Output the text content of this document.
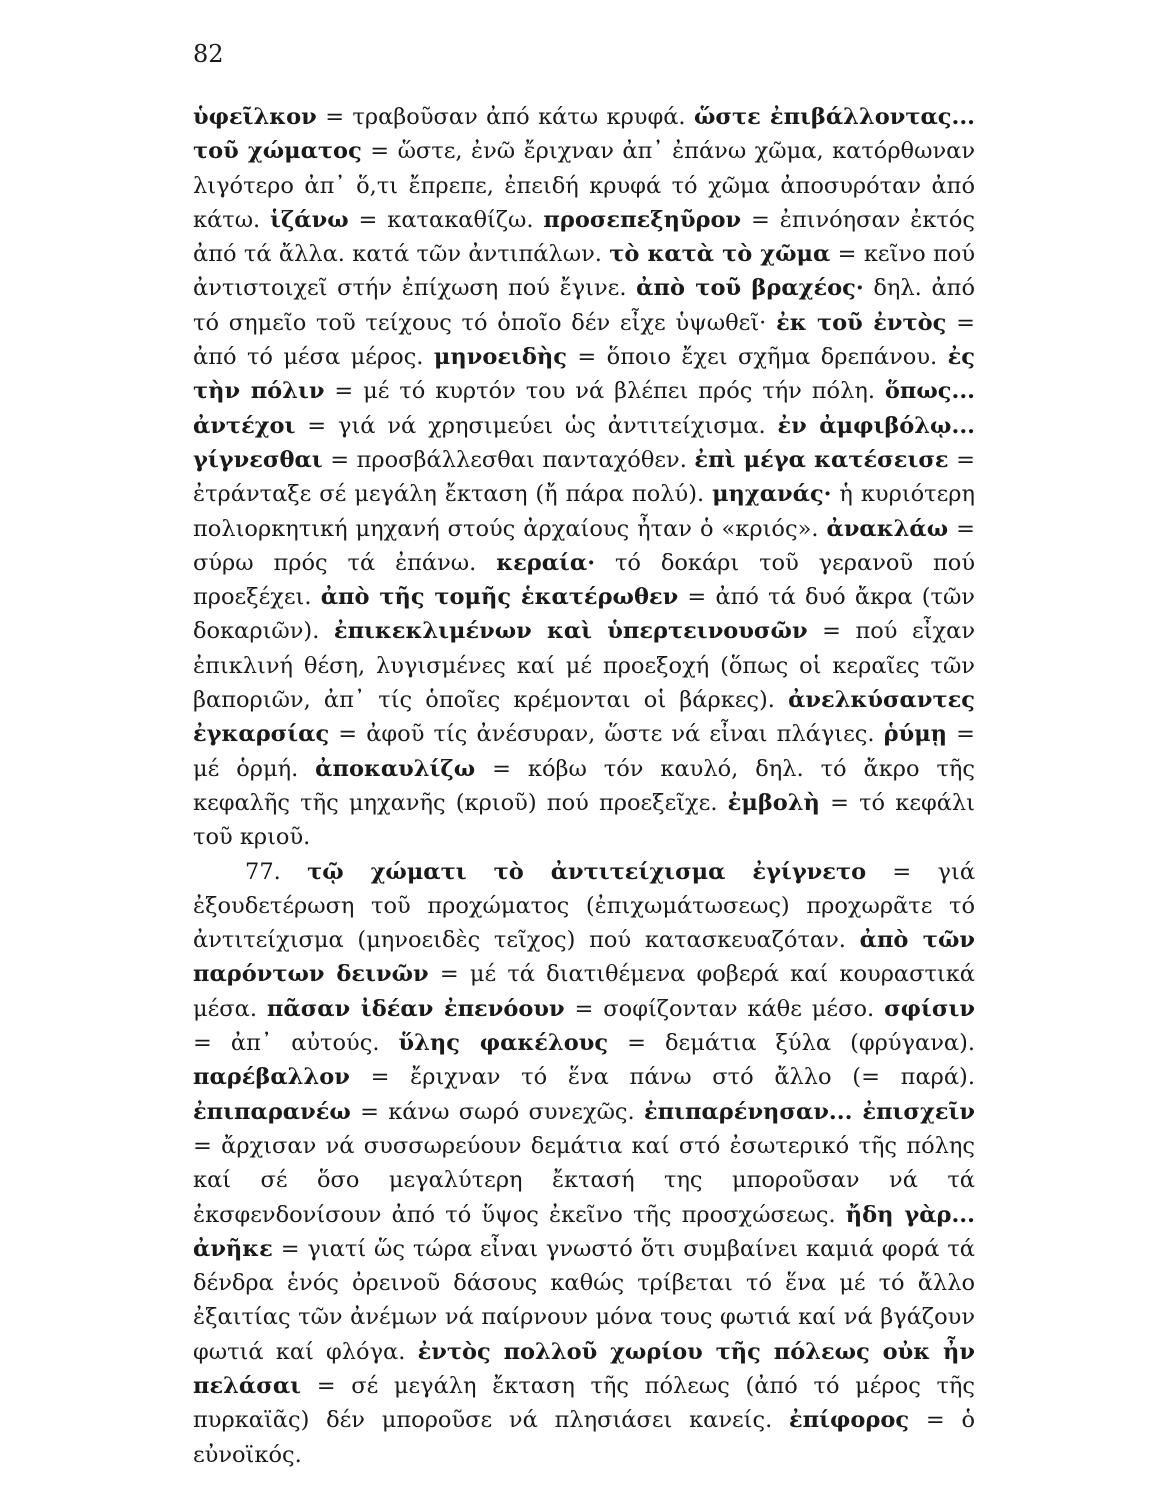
82
ὑφεῖλκον = τραβοῦσαν ἀπό κάτω κρυφά. ὥστε ἐπιβάλλοντας... τοῦ χώματος = ὥστε, ἐνῶ ἔριχναν ἀπ᾽ ἐπάνω χῶμα, κατόρθωναν λιγότερο ἀπ᾽ ὅ,τι ἔπρεπε, ἐπειδή κρυφά τό χῶμα ἀποσυρόταν ἀπό κάτω. ἱζάνω = κατακαθίζω. προσεπεξηῦρον = ἐπινόησαν ἐκτός ἀπό τά ἄλλα. κατά τῶν ἀντιπάλων. τὸ κατὰ τὸ χῶμα = κεῖνο πού ἀντιστοιχεῖ στήν ἐπίχωση πού ἔγινε. ἀπὸ τοῦ βραχέος· δηλ. ἀπό τό σημεῖο τοῦ τείχους τό ὁποῖο δέν εἶχε ὑψωθεῖ· ἐκ τοῦ ἐντὸς = ἀπό τό μέσα μέρος. μηνοειδὴς = ὅποιο ἔχει σχῆμα δρεπάνου. ἐς τὴν πόλιν = μέ τό κυρτόν του νά βλέπει πρός τήν πόλη. ὅπως... ἀντέχοι = γιά νά χρησιμεύει ὡς ἀντιτείχισμα. ἐν ἀμφιβόλῳ... γίγνεσθαι = προσβάλλεσθαι πανταχόθεν. ἐπὶ μέγα κατέσεισε = ἐτράνταξε σέ μεγάλη ἔκταση (ἤ πάρα πολύ). μηχανάς· ἡ κυριότερη πολιορκητική μηχανή στούς ἀρχαίους ἦταν ὁ «κριός». ἀνακλάω = σύρω πρός τά ἐπάνω. κεραία· τό δοκάρι τοῦ γερανοῦ πού προεξέχει. ἀπὸ τῆς τομῆς ἑκατέρωθεν = ἀπό τά δυό ἄκρα (τῶν δοκαριῶν). ἐπικεκλιμένων καὶ ὑπερτεινουσῶν = πού εἶχαν ἐπικλινή θέση, λυγισμένες καί μέ προεξοχή (ὅπως οἱ κεραῖες τῶν βαποριῶν, ἀπ᾽ τίς ὁποῖες κρέμονται οἱ βάρκες). ἀνελκύσαντες ἐγκαρσίας = ἀφοῦ τίς ἀνέσυραν, ὥστε νά εἶναι πλάγιες. ῥύμῃ = μέ ὁρμή. ἀποκαυλίζω = κόβω τόν καυλό, δηλ. τό ἄκρο τῆς κεφαλῆς τῆς μηχανῆς (κριοῦ) πού προεξεῖχε. ἐμβολὴ = τό κεφάλι τοῦ κριοῦ.
77. τῷ χώματι τὸ ἀντιτείχισμα ἐγίγνετο = γιά ἐξουδετέρωση τοῦ προχώματος (ἐπιχωμάτωσεως) προχωρᾶτε τό ἀντιτείχισμα (μηνοειδὲς τεῖχος) πού κατασκευαζόταν. ἀπὸ τῶν παρόντων δεινῶν = μέ τά διατιθέμενα φοβερά καί κουραστικά μέσα. πᾶσαν ἰδέαν ἐπενόουν = σοφίζονταν κάθε μέσο. σφίσιν = ἀπ᾽ αὐτούς. ὕλης φακέλους = δεμάτια ξύλα (φρύγανα). παρέβαλλον = ἔριχναν τό ἕνα πάνω στό ἄλλο (= παρά). ἐπιπαρανέω = κάνω σωρό συνεχῶς. ἐπιπαρένησαν... ἐπισχεῖν = ἄρχισαν νά συσσωρεύουν δεμάτια καί στό ἐσωτερικό τῆς πόλης καί σέ ὅσο μεγαλύτερη ἔκτασή της μποροῦσαν νά τά ἐκσφενδονίσουν ἀπό τό ὕψος ἐκεῖνο τῆς προσχώσεως. ἤδη γὰρ... ἀνῆκε = γιατί ὥς τώρα εἶναι γνωστό ὅτι συμβαίνει καμιά φορά τά δένδρα ἑνός ὀρεινοῦ δάσους καθώς τρίβεται τό ἕνα μέ τό ἄλλο ἐξαιτίας τῶν ἀνέμων νά παίρνουν μόνα τους φωτιά καί νά βγάζουν φωτιά καί φλόγα. ἐντὸς πολλοῦ χωρίου τῆς πόλεως οὐκ ἦν πελάσαι = σέ μεγάλη ἔκταση τῆς πόλεως (ἀπό τό μέρος τῆς πυρκαϊᾶς) δέν μποροῦσε νά πλησιάσει κανείς. ἐπίφορος = ὁ εὐνοϊκός.
